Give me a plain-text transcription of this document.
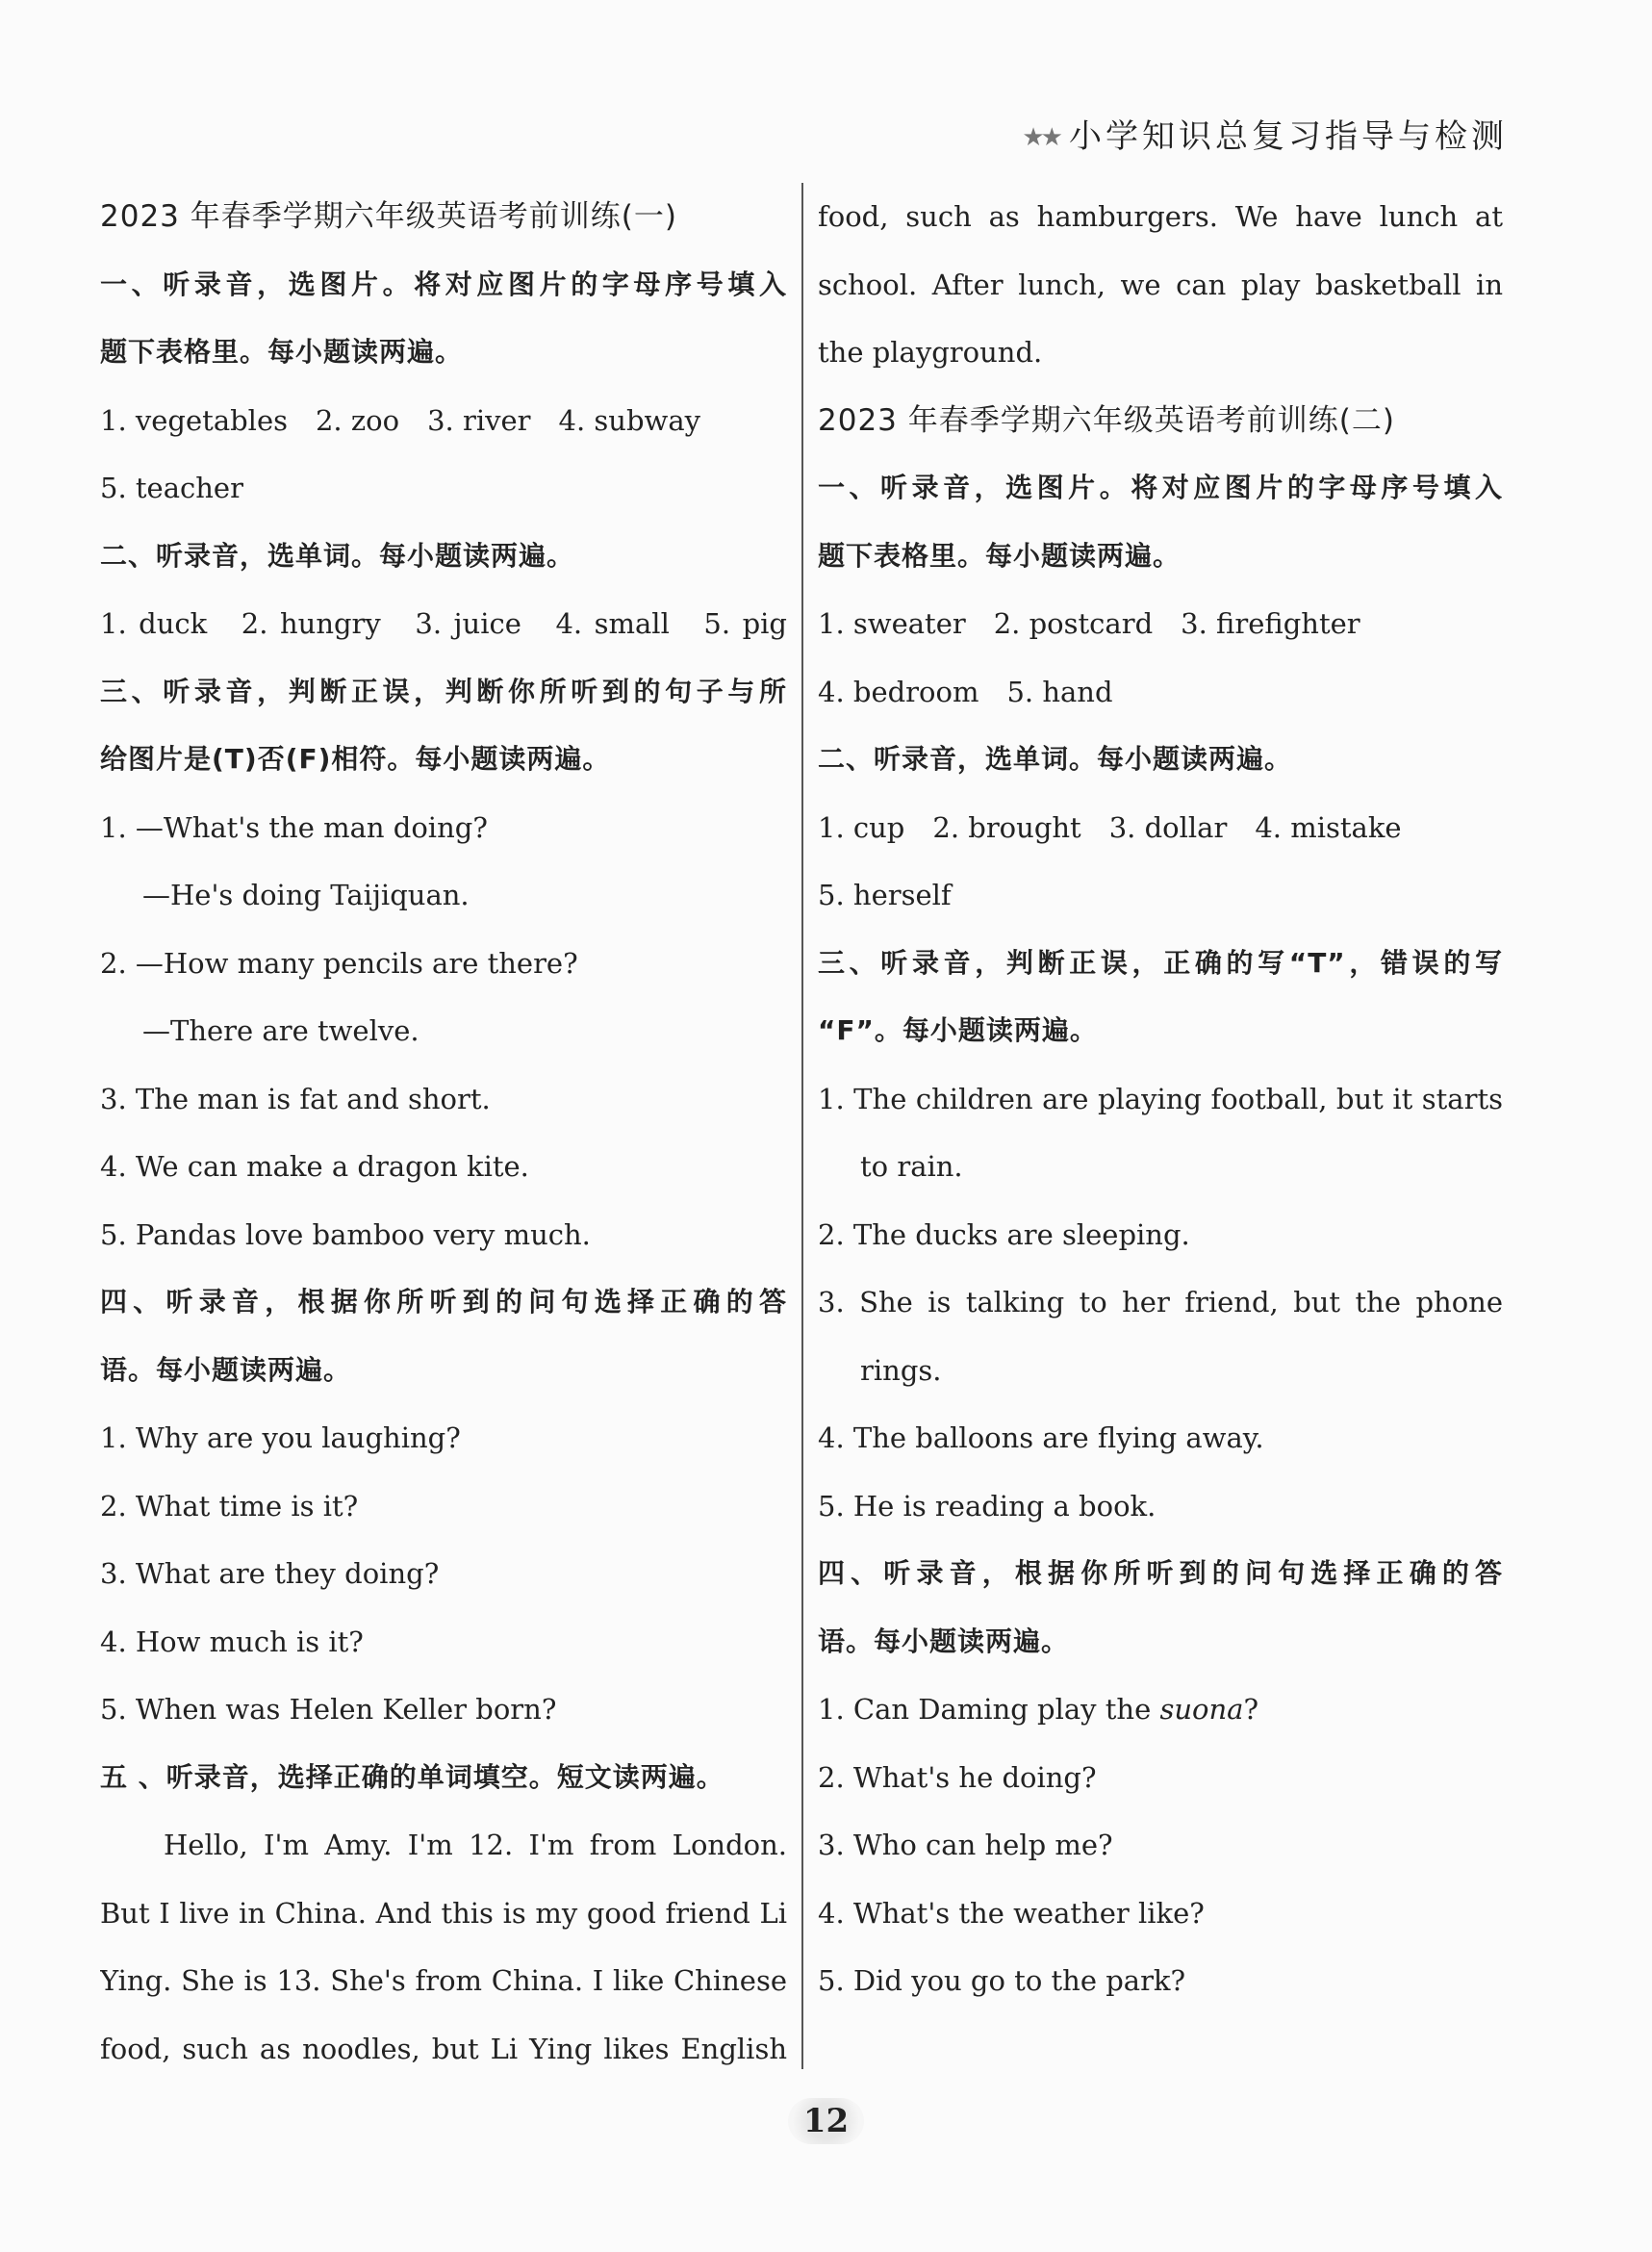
★★ 小学知识总复习指导与检测
2023 年春季学期六年级英语考前训练(一)
一、听录音，选图片。将对应图片的字母序号填入
题下表格里。每小题读两遍。
1. vegetables　2. zoo　3. river　4. subway
5. teacher
二、听录音，选单词。每小题读两遍。
1. duck　2. hungry　3. juice　4. small　5. pig
三、听录音，判断正误，判断你所听到的句子与所
给图片是(T)否(F)相符。每小题读两遍。
1. —What's the man doing?
—He's doing Taijiquan.
2. —How many pencils are there?
—There are twelve.
3. The man is fat and short.
4. We can make a dragon kite.
5. Pandas love bamboo very much.
四、听录音，根据你所听到的问句选择正确的答
语。每小题读两遍。
1. Why are you laughing?
2. What time is it?
3. What are they doing?
4. How much is it?
5. When was Helen Keller born?
五 、听录音，选择正确的单词填空。短文读两遍。
Hello, I'm Amy. I'm 12. I'm from London.
But I live in China. And this is my good friend Li
Ying. She is 13. She's from China. I like Chinese
food, such as noodles, but Li Ying likes English
food, such as hamburgers. We have lunch at
school. After lunch, we can play basketball in
the playground.
2023 年春季学期六年级英语考前训练(二)
一、听录音，选图片。将对应图片的字母序号填入
题下表格里。每小题读两遍。
1. sweater　2. postcard　3. firefighter
4. bedroom　5. hand
二、听录音，选单词。每小题读两遍。
1. cup　2. brought　3. dollar　4. mistake
5. herself
三、听录音，判断正误，正确的写“T”，错误的写
“F”。每小题读两遍。
1. The children are playing football, but it starts
to rain.
2. The ducks are sleeping.
3. She is talking to her friend, but the phone
rings.
4. The balloons are flying away.
5. He is reading a book.
四、听录音，根据你所听到的问句选择正确的答
语。每小题读两遍。
1. Can Daming play the suona?
2. What's he doing?
3. Who can help me?
4. What's the weather like?
5. Did you go to the park?
12
